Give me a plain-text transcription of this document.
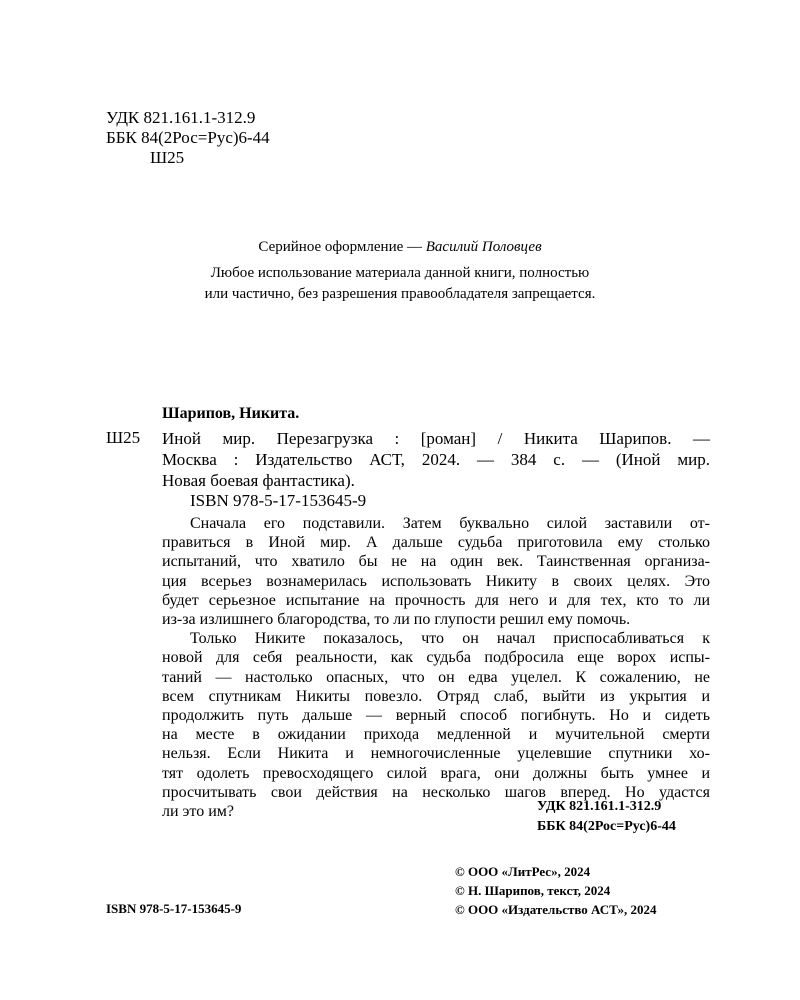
УДК 821.161.1-312.9
ББК 84(2Рос=Рус)6-44
Ш25
Серийное оформление — Василий Половцев
Любое использование материала данной книги, полностью
или частично, без разрешения правообладателя запрещается.
Шарипов, Никита.
Ш25 Иной мир. Перезагрузка : [роман] / Никита Шарипов. —
Москва : Издательство АСТ, 2024. — 384 с. — (Иной мир.
Новая боевая фантастика).
ISBN 978-5-17-153645-9
Сначала его подставили. Затем буквально силой заставили от-
правиться в Иной мир. А дальше судьба приготовила ему столько
испытаний, что хватило бы не на один век. Таинственная организа-
ция всерьез вознамерилась использовать Никиту в своих целях. Это
будет серьезное испытание на прочность для него и для тех, кто то ли
из-за излишнего благородства, то ли по глупости решил ему помочь.
Только Никите показалось, что он начал приспосабливаться к
новой для себя реальности, как судьба подбросила еще ворох испы-
таний — настолько опасных, что он едва уцелел. К сожалению, не
всем спутникам Никиты повезло. Отряд слаб, выйти из укрытия и
продолжить путь дальше — верный способ погибнуть. Но и сидеть
на месте в ожидании прихода медленной и мучительной смерти
нельзя. Если Никита и немногочисленные уцелевшие спутники хо-
тят одолеть превосходящего силой врага, они должны быть умнее и
просчитывать свои действия на несколько шагов вперед. Но удастся
ли это им?	УДК 821.161.1-312.9
ББК 84(2Рос=Рус)6-44
© ООО «ЛитРес», 2024
© Н. Шарипов, текст, 2024
© ООО «Издательство АСТ», 2024
ISBN 978-5-17-153645-9
